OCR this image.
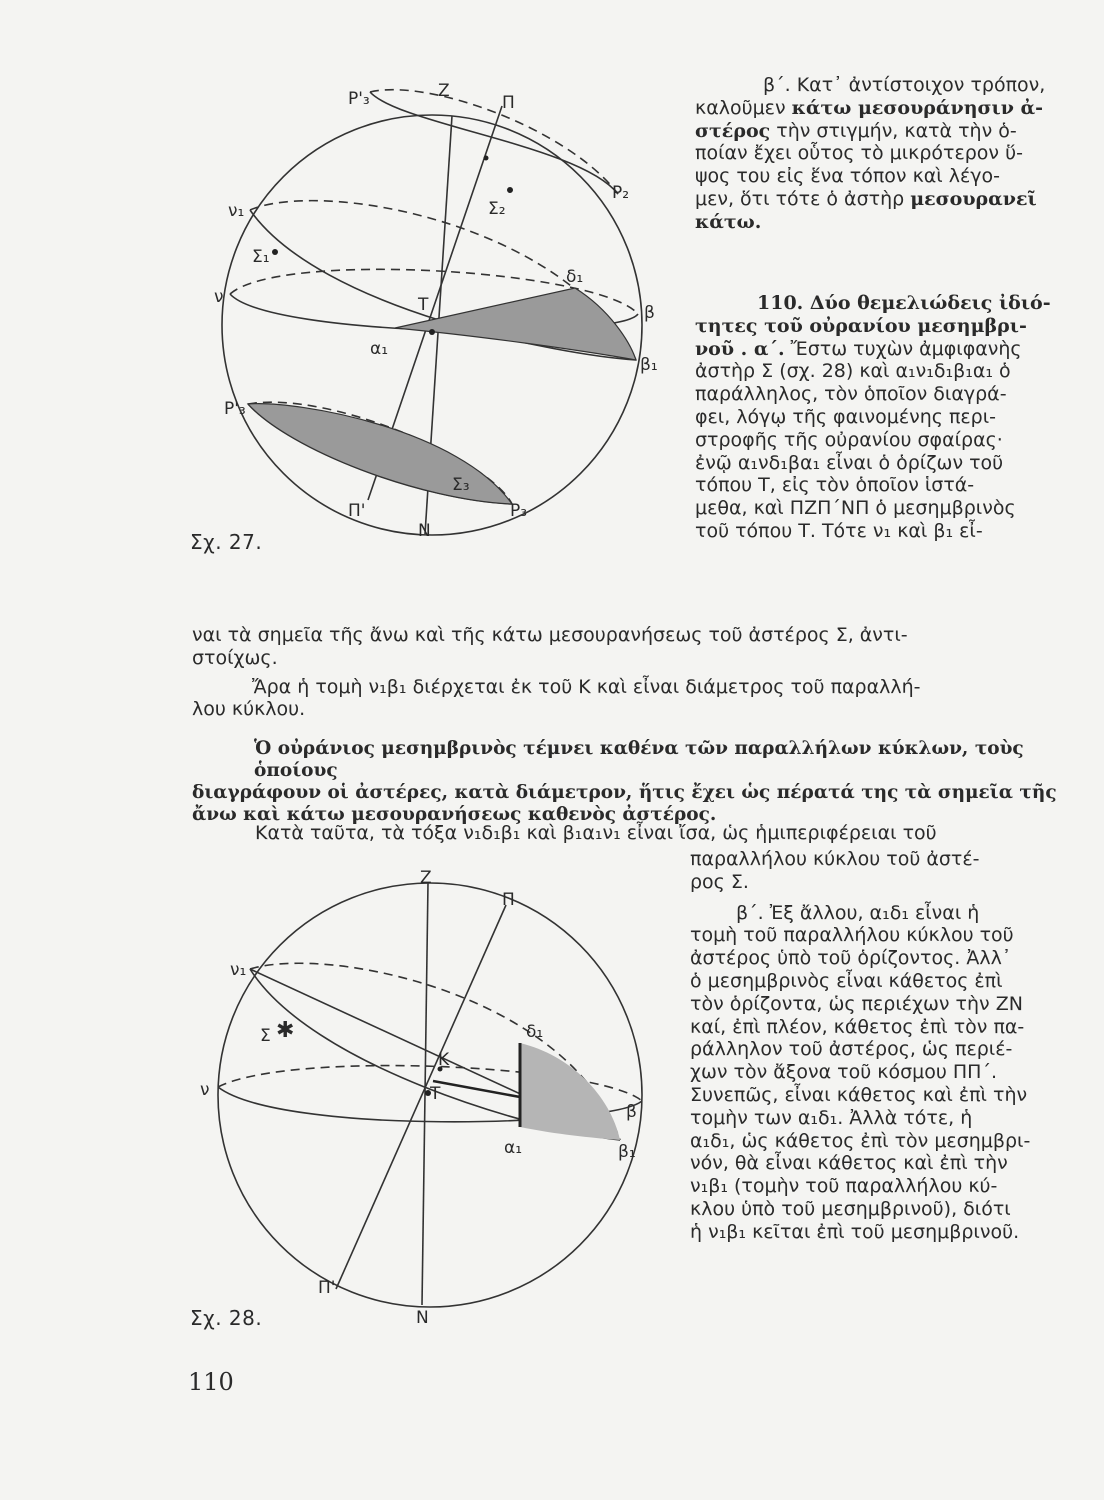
P'₃	Z
Π
Σ₂
P₂
ν₁
Σ₁
δ₁
ν	T	β
α₁
β₁
P'₃
Σ₃
P₃
Π'
N
Σχ. 27.
Z
Π
ν₁
Σ ✱	δ₁
K
ν	T
β
α₁	β₁
Π'
N
Σχ. 28.
β΄. Κατ᾽ ἀντίστοιχον τρόπον,
καλοῦμεν κάτω μεσουράνησιν ἀ-
στέρος τὴν στιγμήν, κατὰ τὴν ὁ-
ποίαν ἔχει οὗτος τὸ μικρότερον ὕ-
ψος του εἰς ἕνα τόπον καὶ λέγο-
μεν, ὅτι τότε ὁ ἀστὴρ μεσουρανεῖ
κάτω.
110. Δύο θεμελιώδεις ἰδιό-
τητες τοῦ οὐρανίου μεσημβρι-
νοῦ . α΄. Ἔστω τυχὼν ἀμφιφανὴς
ἀστὴρ Σ (σχ. 28) καὶ α₁ν₁δ₁β₁α₁ ὁ
παράλληλος, τὸν ὁποῖον διαγρά-
φει, λόγῳ τῆς φαινομένης περι-
στροφῆς τῆς οὐρανίου σφαίρας·
ἐνῷ α₁νδ₁βα₁ εἶναι ὁ ὁρίζων τοῦ
τόπου Τ, εἰς τὸν ὁποῖον ἱστά-
μεθα, καὶ ΠΖΠ΄ΝΠ ὁ μεσημβρινὸς
τοῦ τόπου Τ. Τότε ν₁ καὶ β₁ εἶ-
ναι τὰ σημεῖα τῆς ἄνω καὶ τῆς κάτω μεσουρανήσεως τοῦ ἀστέρος Σ, ἀντι-
στοίχως.
Ἄρα ἡ τομὴ ν₁β₁ διέρχεται ἐκ τοῦ Κ καὶ εἶναι διάμετρος τοῦ παραλλή-
λου κύκλου.
Ὁ οὐράνιος μεσημβρινὸς τέμνει καθένα τῶν παραλλήλων κύκλων, τοὺς ὁποίους
διαγράφουν οἱ ἀστέρες, κατὰ διάμετρον, ἥτις ἔχει ὡς πέρατά της τὰ σημεῖα τῆς
ἄνω καὶ κάτω μεσουρανήσεως καθενὸς ἀστέρος.
Κατὰ ταῦτα, τὰ τόξα ν₁δ₁β₁ καὶ β₁α₁ν₁ εἶναι ἴσα, ὡς ἡμιπεριφέρειαι τοῦ
παραλλήλου κύκλου τοῦ ἀστέ-
ρος Σ.
β΄. Ἐξ ἄλλου, α₁δ₁ εἶναι ἡ
τομὴ τοῦ παραλλήλου κύκλου τοῦ
ἀστέρος ὑπὸ τοῦ ὁρίζοντος. Ἀλλ᾽
ὁ μεσημβρινὸς εἶναι κάθετος ἐπὶ
τὸν ὁρίζοντα, ὡς περιέχων τὴν ΖΝ
καί, ἐπὶ πλέον, κάθετος ἐπὶ τὸν πα-
ράλληλον τοῦ ἀστέρος, ὡς περιέ-
χων τὸν ἄξονα τοῦ κόσμου ΠΠ΄.
Συνεπῶς, εἶναι κάθετος καὶ ἐπὶ τὴν
τομὴν των α₁δ₁. Ἀλλὰ τότε, ἡ
α₁δ₁, ὡς κάθετος ἐπὶ τὸν μεσημβρι-
νόν, θὰ εἶναι κάθετος καὶ ἐπὶ τὴν
ν₁β₁ (τομὴν τοῦ παραλλήλου κύ-
κλου ὑπὸ τοῦ μεσημβρινοῦ), διότι
ἡ ν₁β₁ κεῖται ἐπὶ τοῦ μεσημβρινοῦ.
110
